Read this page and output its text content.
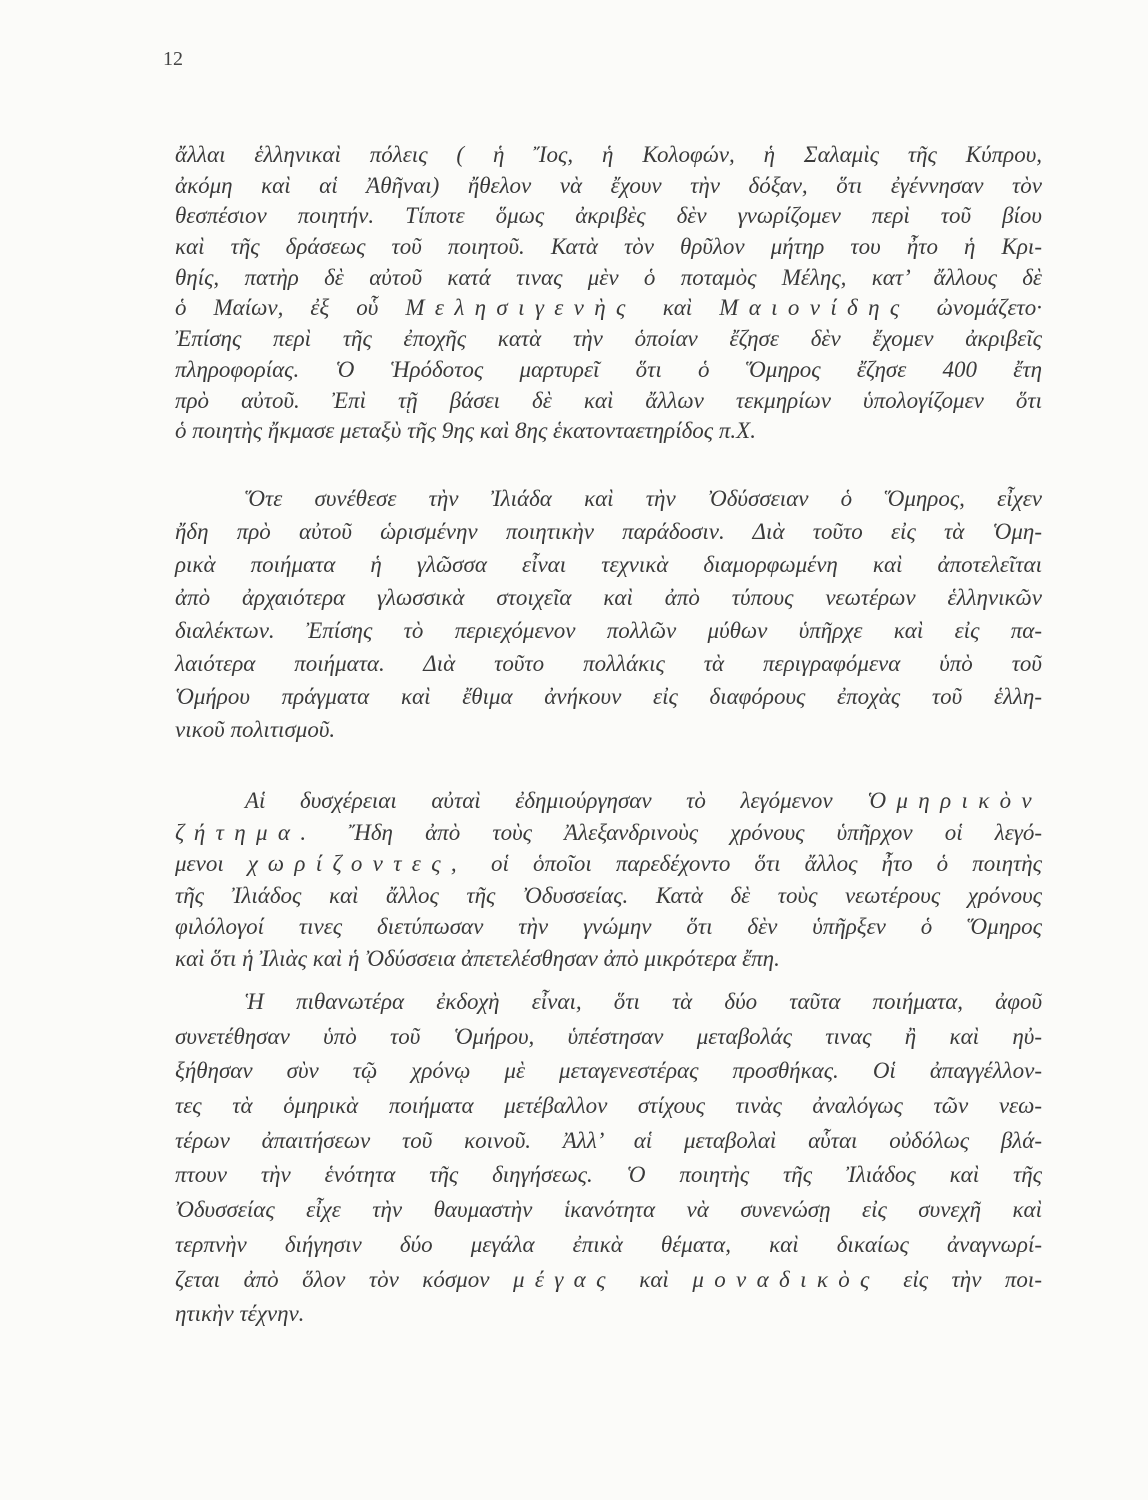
12
ἄλλαι ἑλληνικαὶ πόλεις ( ἡ Ἴος, ἡ Κολοφών, ἡ Σαλαμὶς τῆς Κύπρου,
ἀκόμη καὶ αἱ Ἀθῆναι) ἤθελον νὰ ἔχουν τὴν δόξαν, ὅτι ἐγέννησαν τὸν
θεσπέσιον ποιητήν. Τίποτε ὅμως ἀκριβὲς δὲν γνωρίζομεν περὶ τοῦ βίου
καὶ τῆς δράσεως τοῦ ποιητοῦ. Κατὰ τὸν θρῦλον μήτηρ του ἦτο ἡ Κρι-
θηίς, πατὴρ δὲ αὐτοῦ κατά τινας μὲν ὁ ποταμὸς Μέλης, κατ’ ἄλλους δὲ
ὁ Μαίων, ἐξ οὗ Μελησιγενὴς καὶ Μαιονίδης ὠνομάζετο·
Ἐπίσης περὶ τῆς ἐποχῆς κατὰ τὴν ὁποίαν ἔζησε δὲν ἔχομεν ἀκριβεῖς
πληροφορίας. Ὁ Ἡρόδοτος μαρτυρεῖ ὅτι ὁ Ὅμηρος ἔζησε 400 ἔτη
πρὸ αὐτοῦ. Ἐπὶ τῇ βάσει δὲ καὶ ἄλλων τεκμηρίων ὑπολογίζομεν ὅτι
ὁ ποιητὴς ἤκμασε μεταξὺ τῆς 9ης καὶ 8ης ἑκατονταετηρίδος π.Χ.
Ὅτε συνέθεσε τὴν Ἰλιάδα καὶ τὴν Ὀδύσσειαν ὁ Ὅμηρος, εἶχεν
ἤδη πρὸ αὐτοῦ ὡρισμένην ποιητικὴν παράδοσιν. Διὰ τοῦτο εἰς τὰ Ὁμη-
ρικὰ ποιήματα ἡ γλῶσσα εἶναι τεχνικὰ διαμορφωμένη καὶ ἀποτελεῖται
ἀπὸ ἀρχαιότερα γλωσσικὰ στοιχεῖα καὶ ἀπὸ τύπους νεωτέρων ἑλληνικῶν
διαλέκτων. Ἐπίσης τὸ περιεχόμενον πολλῶν μύθων ὑπῆρχε καὶ εἰς πα-
λαιότερα ποιήματα. Διὰ τοῦτο πολλάκις τὰ περιγραφόμενα ὑπὸ τοῦ
Ὁμήρου πράγματα καὶ ἔθιμα ἀνήκουν εἰς διαφόρους ἐποχὰς τοῦ ἑλλη-
νικοῦ πολιτισμοῦ.
Αἱ δυσχέρειαι αὐταὶ ἐδημιούργησαν τὸ λεγόμενον Ὁμηρικὸν
ζήτημα. Ἤδη ἀπὸ τοὺς Ἀλεξανδρινοὺς χρόνους ὑπῆρχον οἱ λεγό-
μενοι χωρίζοντες, οἱ ὁποῖοι παρεδέχοντο ὅτι ἄλλος ἦτο ὁ ποιητὴς
τῆς Ἰλιάδος καὶ ἄλλος τῆς Ὀδυσσείας. Κατὰ δὲ τοὺς νεωτέρους χρόνους
φιλόλογοί τινες διετύπωσαν τὴν γνώμην ὅτι δὲν ὑπῆρξεν ὁ Ὅμηρος
καὶ ὅτι ἡ Ἰλιὰς καὶ ἡ Ὀδύσσεια ἀπετελέσθησαν ἀπὸ μικρότερα ἔπη.
Ἡ πιθανωτέρα ἐκδοχὴ εἶναι, ὅτι τὰ δύο ταῦτα ποιήματα, ἀφοῦ
συνετέθησαν ὑπὸ τοῦ Ὁμήρου, ὑπέστησαν μεταβολάς τινας ἢ καὶ ηὐ-
ξήθησαν σὺν τῷ χρόνῳ μὲ μεταγενεστέρας προσθήκας. Οἱ ἀπαγγέλλον-
τες τὰ ὁμηρικὰ ποιήματα μετέβαλλον στίχους τινὰς ἀναλόγως τῶν νεω-
τέρων ἀπαιτήσεων τοῦ κοινοῦ. Ἀλλ’ αἱ μεταβολαὶ αὗται οὐδόλως βλά-
πτουν τὴν ἑνότητα τῆς διηγήσεως. Ὁ ποιητὴς τῆς Ἰλιάδος καὶ τῆς
Ὀδυσσείας εἶχε τὴν θαυμαστὴν ἱκανότητα νὰ συνενώσῃ εἰς συνεχῆ καὶ
τερπνὴν διήγησιν δύο μεγάλα ἐπικὰ θέματα, καὶ δικαίως ἀναγνωρί-
ζεται ἀπὸ ὅλον τὸν κόσμον μέγας καὶ μοναδικὸς εἰς τὴν ποι-
ητικὴν τέχνην.
